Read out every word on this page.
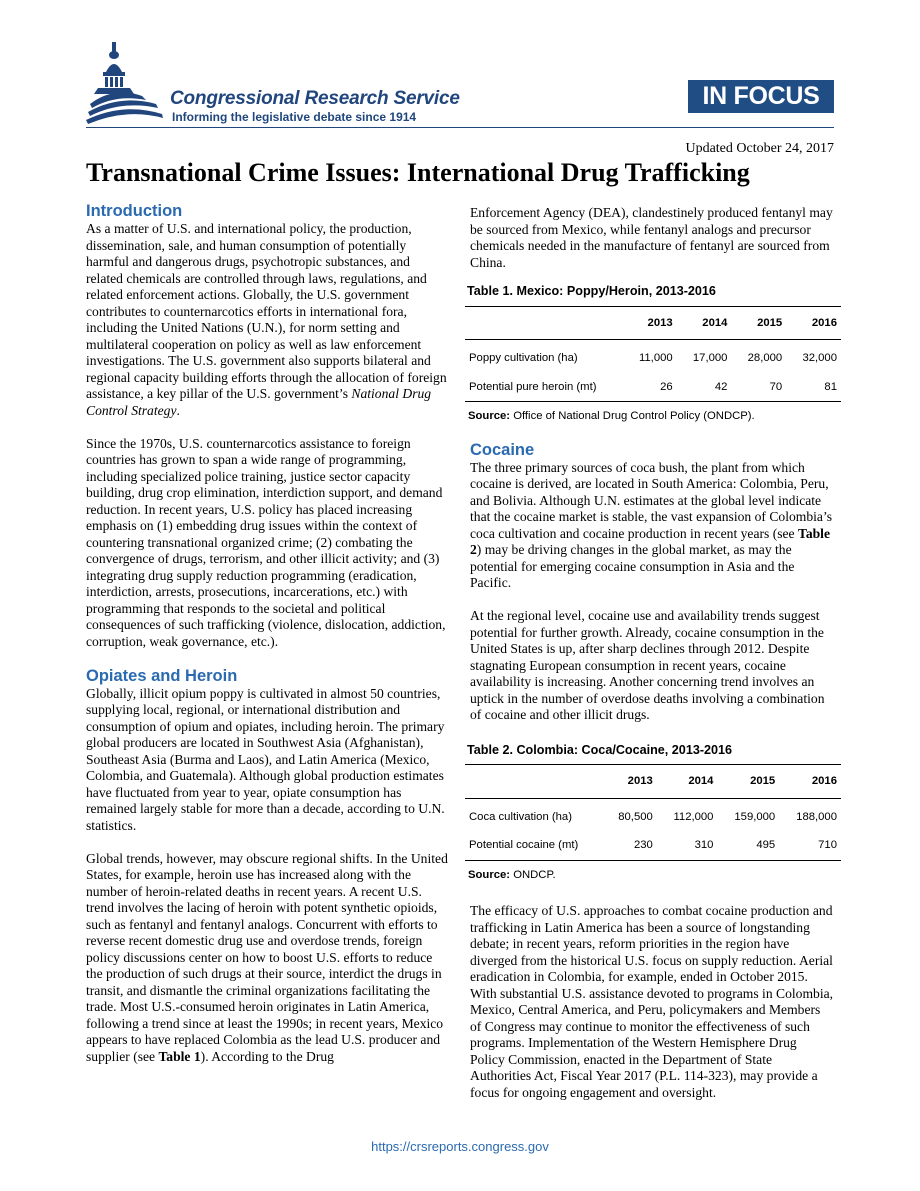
Congressional Research Service
Informing the legislative debate since 1914
IN FOCUS
Updated October 24, 2017
Transnational Crime Issues: International Drug Trafficking
Introduction

As a matter of U.S. and international policy, the production, dissemination, sale, and human consumption of potentially harmful and dangerous drugs, psychotropic substances, and related chemicals are controlled through laws, regulations, and related enforcement actions. Globally, the U.S. government contributes to counternarcotics efforts in international fora, including the United Nations (U.N.), for norm setting and multilateral cooperation on policy as well as law enforcement investigations. The U.S. government also supports bilateral and regional capacity building efforts through the allocation of foreign assistance, a key pillar of the U.S. government’s National Drug Control Strategy.

Since the 1970s, U.S. counternarcotics assistance to foreign countries has grown to span a wide range of programming, including specialized police training, justice sector capacity building, drug crop elimination, interdiction support, and demand reduction. In recent years, U.S. policy has placed increasing emphasis on (1) embedding drug issues within the context of countering transnational organized crime; (2) combating the convergence of drugs, terrorism, and other illicit activity; and (3) integrating drug supply reduction programming (eradication, interdiction, arrests, prosecutions, incarcerations, etc.) with programming that responds to the societal and political consequences of such trafficking (violence, dislocation, addiction, corruption, weak governance, etc.).

Opiates and Heroin

Globally, illicit opium poppy is cultivated in almost 50 countries, supplying local, regional, or international distribution and consumption of opium and opiates, including heroin. The primary global producers are located in Southwest Asia (Afghanistan), Southeast Asia (Burma and Laos), and Latin America (Mexico, Colombia, and Guatemala). Although global production estimates have fluctuated from year to year, opiate consumption has remained largely stable for more than a decade, according to U.N. statistics.

Global trends, however, may obscure regional shifts. In the United States, for example, heroin use has increased along with the number of heroin-related deaths in recent years. A recent U.S. trend involves the lacing of heroin with potent synthetic opioids, such as fentanyl and fentanyl analogs. Concurrent with efforts to reverse recent domestic drug use and overdose trends, foreign policy discussions center on how to boost U.S. efforts to reduce the production of such drugs at their source, interdict the drugs in transit, and dismantle the criminal organizations facilitating the trade. Most U.S.-consumed heroin originates in Latin America, following a trend since at least the 1990s; in recent years, Mexico appears to have replaced Colombia as the lead U.S. producer and supplier (see Table 1). According to the Drug

Enforcement Agency (DEA), clandestinely produced fentanyl may be sourced from Mexico, while fentanyl analogs and precursor chemicals needed in the manufacture of fentanyl are sourced from China.

Table 1. Mexico: Poppy/Heroin, 2013-2016
	2013	2014	2015	2016
Poppy cultivation (ha)	11,000	17,000	28,000	32,000
Potential pure heroin (mt)	26	42	70	81
Source: Office of National Drug Control Policy (ONDCP).
Cocaine

The three primary sources of coca bush, the plant from which cocaine is derived, are located in South America: Colombia, Peru, and Bolivia. Although U.N. estimates at the global level indicate that the cocaine market is stable, the vast expansion of Colombia’s coca cultivation and cocaine production in recent years (see Table 2) may be driving changes in the global market, as may the potential for emerging cocaine consumption in Asia and the Pacific.

At the regional level, cocaine use and availability trends suggest potential for further growth. Already, cocaine consumption in the United States is up, after sharp declines through 2012. Despite stagnating European consumption in recent years, cocaine availability is increasing. Another concerning trend involves an uptick in the number of overdose deaths involving a combination of cocaine and other illicit drugs.

Table 2. Colombia: Coca/Cocaine, 2013-2016
	2013	2014	2015	2016
Coca cultivation (ha)	80,500	112,000	159,000	188,000
Potential cocaine (mt)	230	310	495	710
Source: ONDCP.

The efficacy of U.S. approaches to combat cocaine production and trafficking in Latin America has been a source of longstanding debate; in recent years, reform priorities in the region have diverged from the historical U.S. focus on supply reduction. Aerial eradication in Colombia, for example, ended in October 2015. With substantial U.S. assistance devoted to programs in Colombia, Mexico, Central America, and Peru, policymakers and Members of Congress may continue to monitor the effectiveness of such programs. Implementation of the Western Hemisphere Drug Policy Commission, enacted in the Department of State Authorities Act, Fiscal Year 2017 (P.L. 114-323), may provide a focus for ongoing engagement and oversight.

https://crsreports.congress.gov
